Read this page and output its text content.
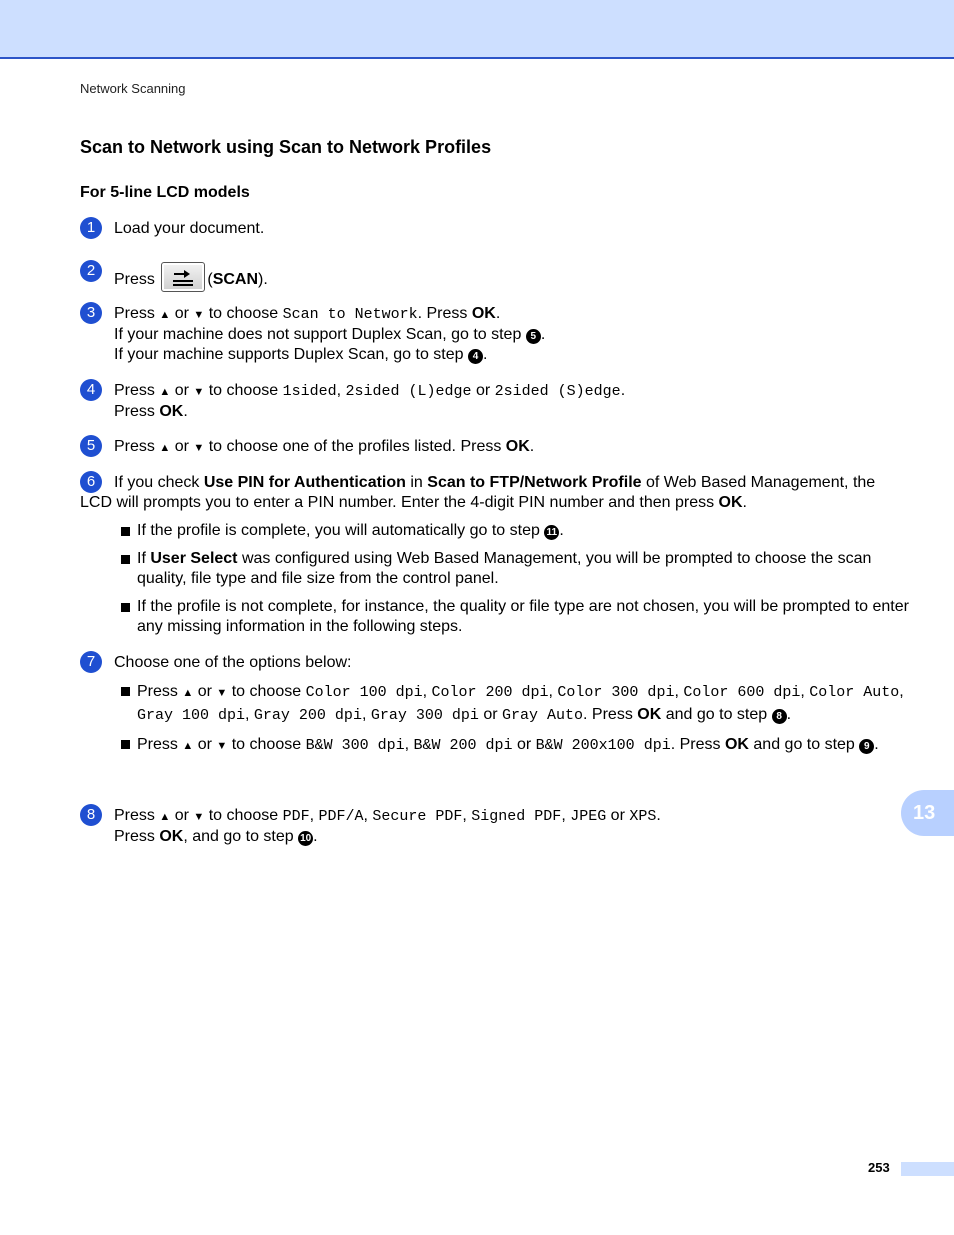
Network Scanning
Scan to Network using Scan to Network Profiles
For 5-line LCD models
1	Load your document.
2
Press	(SCAN).
3	Press ▲ or ▼ to choose Scan to Network. Press OK.
If your machine does not support Duplex Scan, go to step 5 .
If your machine supports Duplex Scan, go to step 4 .
4	Press ▲ or ▼ to choose 1sided, 2sided (L)edge or 2sided (S)edge.
Press OK.
5	Press ▲ or ▼ to choose one of the profiles listed. Press OK.
6	If you check Use PIN for Authentication in Scan to FTP/Network Profile of Web Based Management, the LCD will prompts you to enter a PIN number. Enter the 4-digit PIN number and then press OK.
If the profile is complete, you will automatically go to step 11 .
If User Select was configured using Web Based Management, you will be prompted to choose the scan quality, file type and file size from the control panel.
If the profile is not complete, for instance, the quality or file type are not chosen, you will be prompted to enter any missing information in the following steps.
7	Choose one of the options below:
Press ▲ or ▼ to choose Color 100 dpi, Color 200 dpi, Color 300 dpi, Color 600 dpi, Color Auto, Gray 100 dpi, Gray 200 dpi, Gray 300 dpi or Gray Auto. Press OK and go to step 8 .
Press ▲ or ▼ to choose B&W 300 dpi, B&W 200 dpi or B&W 200x100 dpi. Press OK and go to step 9 .
8	Press ▲ or ▼ to choose PDF, PDF/A, Secure PDF, Signed PDF, JPEG or XPS.
Press OK, and go to step 10 .
13
253
